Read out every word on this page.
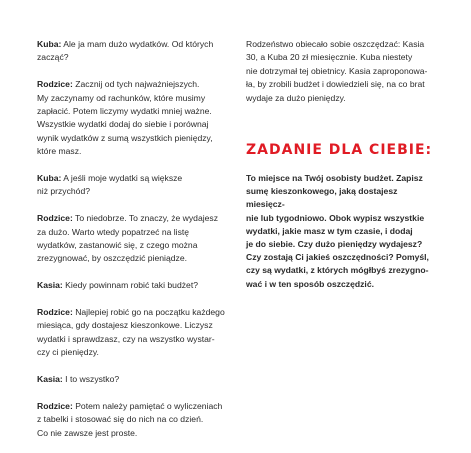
Kuba: Ale ja mam dużo wydatków. Od których
zacząć?

Rodzice: Zacznij od tych najważniejszych.
My zaczynamy od rachunków, które musimy
zapłacić. Potem liczymy wydatki mniej ważne.
Wszystkie wydatki dodaj do siebie i porównaj
wynik wydatków z sumą wszystkich pieniędzy,
które masz.

Kuba: A jeśli moje wydatki są większe
niż przychód?

Rodzice: To niedobrze. To znaczy, że wydajesz
za dużo. Warto wtedy popatrzeć na listę
wydatków, zastanowić się, z czego można
zrezygnować, by oszczędzić pieniądze.

Kasia: Kiedy powinnam robić taki budżet?

Rodzice: Najlepiej robić go na początku każdego
miesiąca, gdy dostajesz kieszonkowe. Liczysz
wydatki i sprawdzasz, czy na wszystko wystar-
czy ci pieniędzy.

Kasia: I to wszystko?

Rodzice: Potem należy pamiętać o wyliczeniach
z tabelki i stosować się do nich na co dzień.
Co nie zawsze jest proste.

Rodzeństwo obiecało sobie oszczędzać: Kasia
30, a Kuba 20 zł miesięcznie. Kuba niestety
nie dotrzymał tej obietnicy. Kasia zaproponowa-
ła, by zrobili budżet i dowiedzieli się, na co brat
wydaje za dużo pieniędzy.

ZADANIE DLA CIEBIE:

To miejsce na Twój osobisty budżet. Zapisz
sumę kieszonkowego, jaką dostajesz miesięcz-
nie lub tygodniowo. Obok wypisz wszystkie
wydatki, jakie masz w tym czasie, i dodaj
je do siebie. Czy dużo pieniędzy wydajesz?
Czy zostają Ci jakieś oszczędności? Pomyśl,
czy są wydatki, z których mógłbyś zrezygno-
wać i w ten sposób oszczędzić.
